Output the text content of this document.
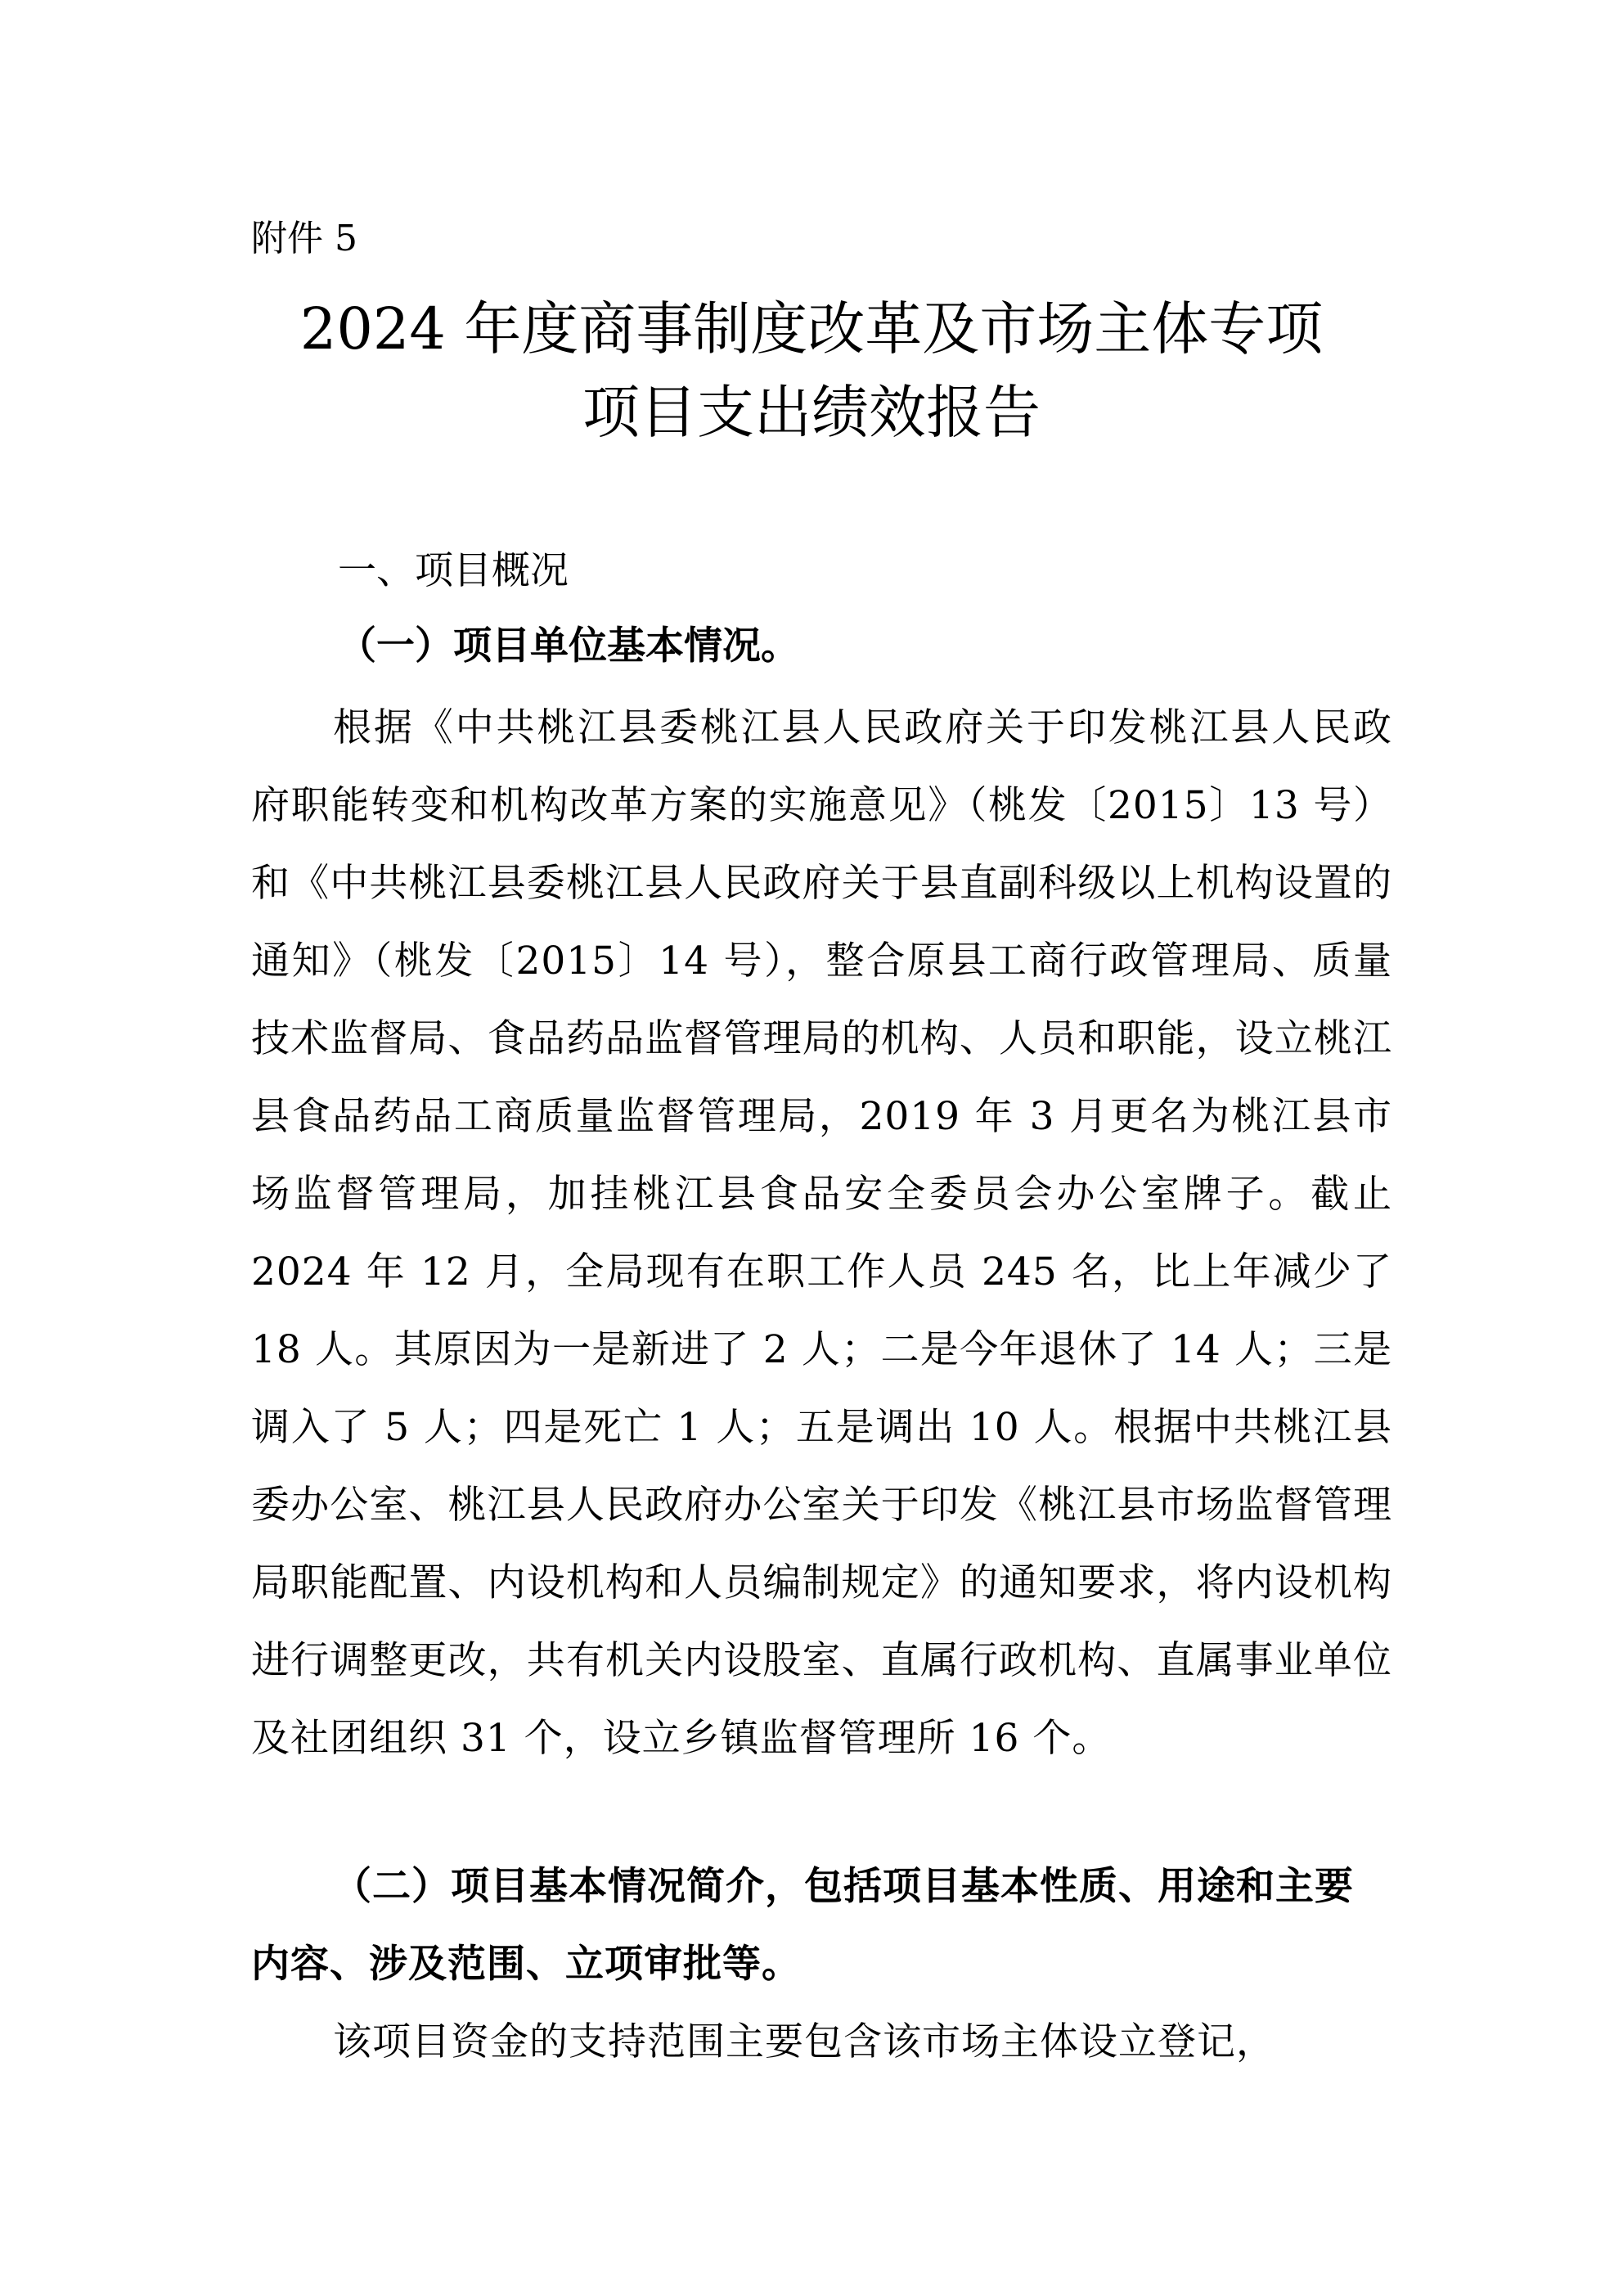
附件 5
2024 年度商事制度改革及市场主体专项
项目支出绩效报告
一、项目概况
（一）项目单位基本情况。
根据《中共桃江县委桃江县人民政府关于印发桃江县人民政府职能转变和机构改革方案的实施意见》（桃发〔2015〕13 号）和《中共桃江县委桃江县人民政府关于县直副科级以上机构设置的通知》（桃发〔2015〕14 号），整合原县工商行政管理局、质量技术监督局、食品药品监督管理局的机构、人员和职能，设立桃江县食品药品工商质量监督管理局，2019 年 3 月更名为桃江县市场监督管理局，加挂桃江县食品安全委员会办公室牌子。截止 2024 年 12 月，全局现有在职工作人员 245 名，比上年减少了 18 人。其原因为一是新进了 2 人；二是今年退休了 14 人；三是调入了 5 人；四是死亡 1 人；五是调出 10 人。根据中共桃江县委办公室、桃江县人民政府办公室关于印发《桃江县市场监督管理局职能配置、内设机构和人员编制规定》的通知要求，将内设机构进行调整更改，共有机关内设股室、直属行政机构、直属事业单位及社团组织 31 个，设立乡镇监督管理所 16 个。
（二）项目基本情况简介，包括项目基本性质、用途和主要内容、涉及范围、立项审批等。
该项目资金的支持范围主要包含该市场主体设立登记，
